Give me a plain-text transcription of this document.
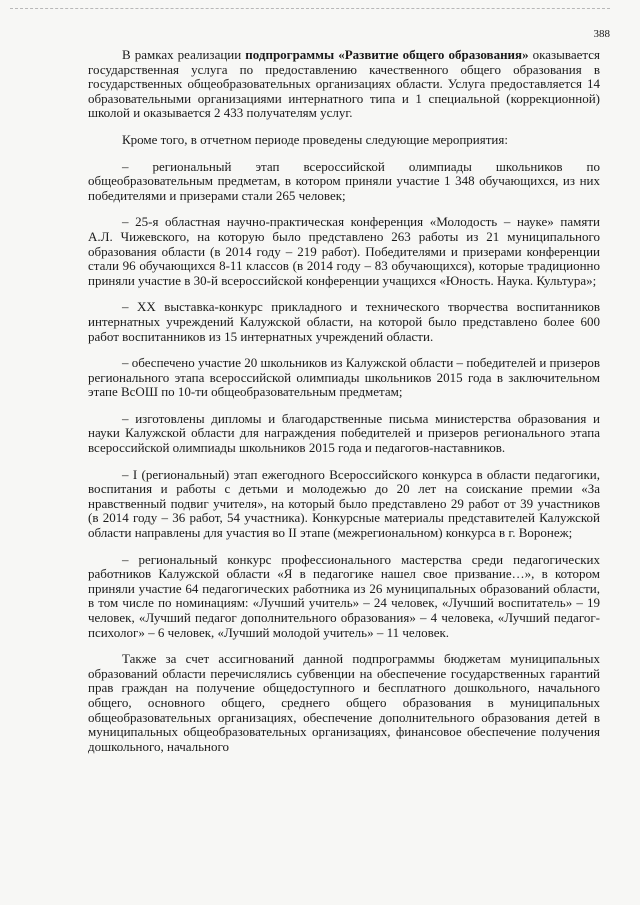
388

В рамках реализации подпрограммы «Развитие общего образования» оказывается государственная услуга по предоставлению качественного общего образования в государственных общеобразовательных организациях области. Услуга предоставляется 14 образовательными организациями интернатного типа и 1 специальной (коррекционной) школой и оказывается 2 433 получателям услуг.

Кроме того, в отчетном периоде проведены следующие мероприятия:

– региональный этап всероссийской олимпиады школьников по общеобразовательным предметам, в котором приняли участие 1 348 обучающихся, из них победителями и призерами стали 265 человек;

– 25-я областная научно-практическая конференция «Молодость – науке» памяти А.Л. Чижевского, на которую было представлено 263 работы из 21 муниципального образования области (в 2014 году – 219 работ). Победителями и призерами конференции стали 96 обучающихся 8-11 классов (в 2014 году – 83 обучающихся), которые традиционно приняли участие в 30-й всероссийской конференции учащихся «Юность. Наука. Культура»;

– XX выставка-конкурс прикладного и технического творчества воспитанников интернатных учреждений Калужской области, на которой было представлено более 600 работ воспитанников из 15 интернатных учреждений области.

– обеспечено участие 20 школьников из Калужской области – победителей и призеров регионального этапа всероссийской олимпиады школьников 2015 года в заключительном этапе ВсОШ по 10-ти общеобразовательным предметам;

– изготовлены дипломы и благодарственные письма министерства образования и науки Калужской области для награждения победителей и призеров регионального этапа всероссийской олимпиады школьников 2015 года и педагогов-наставников.

– I (региональный) этап ежегодного Всероссийского конкурса в области педагогики, воспитания и работы с детьми и молодежью до 20 лет на соискание премии «За нравственный подвиг учителя», на который было представлено 29 работ от 39 участников (в 2014 году – 36 работ, 54 участника). Конкурсные материалы представителей Калужской области направлены для участия во II этапе (межрегиональном) конкурса в г. Воронеж;

– региональный конкурс профессионального мастерства среди педагогических работников Калужской области «Я в педагогике нашел свое призвание…», в котором приняли участие 64 педагогических работника из 26 муниципальных образований области, в том числе по номинациям: «Лучший учитель» – 24 человек, «Лучший воспитатель» – 19 человек, «Лучший педагог дополнительного образования» – 4 человека, «Лучший педагог-психолог» – 6 человек, «Лучший молодой учитель» – 11 человек.

Также за счет ассигнований данной подпрограммы бюджетам муниципальных образований области перечислялись субвенции на обеспечение государственных гарантий прав граждан на получение общедоступного и бесплатного дошкольного, начального общего, основного общего, среднего общего образования в муниципальных общеобразовательных организациях, обеспечение дополнительного образования детей в муниципальных общеобразовательных организациях, финансовое обеспечение получения дошкольного, начального
